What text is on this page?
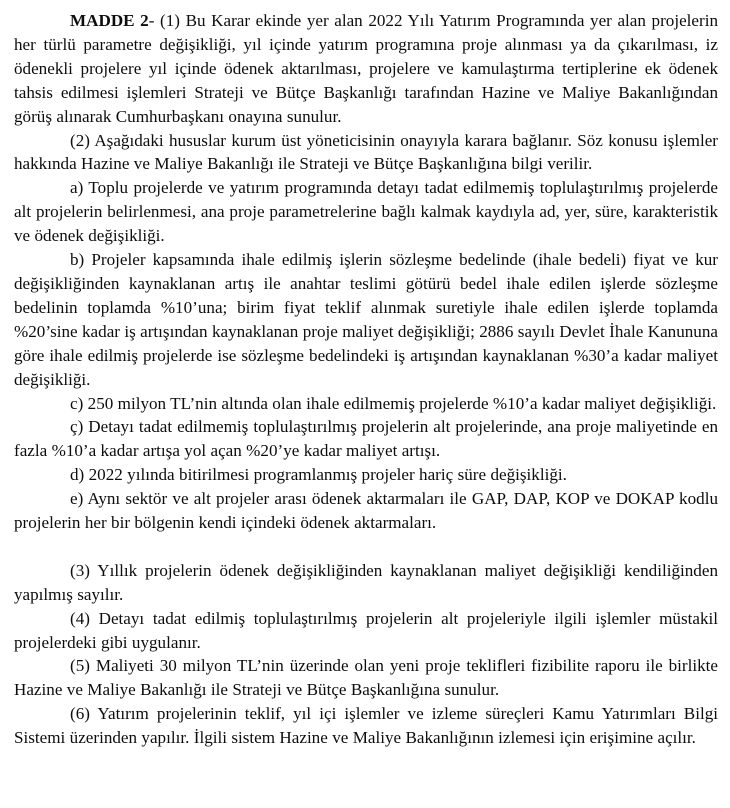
MADDE 2- (1) Bu Karar ekinde yer alan 2022 Yılı Yatırım Programında yer alan projelerin her türlü parametre değişikliği, yıl içinde yatırım programına proje alınması ya da çıkarılması, iz ödenekli projelere yıl içinde ödenek aktarılması, projelere ve kamulaştırma tertiplerine ek ödenek tahsis edilmesi işlemleri Strateji ve Bütçe Başkanlığı tarafından Hazine ve Maliye Bakanlığından görüş alınarak Cumhurbaşkanı onayına sunulur.

(2) Aşağıdaki hususlar kurum üst yöneticisinin onayıyla karara bağlanır. Söz konusu işlemler hakkında Hazine ve Maliye Bakanlığı ile Strateji ve Bütçe Başkanlığına bilgi verilir.

a) Toplu projelerde ve yatırım programında detayı tadat edilmemiş toplulaştırılmış projelerde alt projelerin belirlenmesi, ana proje parametrelerine bağlı kalmak kaydıyla ad, yer, süre, karakteristik ve ödenek değişikliği.

b) Projeler kapsamında ihale edilmiş işlerin sözleşme bedelinde (ihale bedeli) fiyat ve kur değişikliğinden kaynaklanan artış ile anahtar teslimi götürü bedel ihale edilen işlerde sözleşme bedelinin toplamda %10’una; birim fiyat teklif alınmak suretiyle ihale edilen işlerde toplamda %20’sine kadar iş artışından kaynaklanan proje maliyet değişikliği; 2886 sayılı Devlet İhale Kanununa göre ihale edilmiş projelerde ise sözleşme bedelindeki iş artışından kaynaklanan %30’a kadar maliyet değişikliği.

c) 250 milyon TL’nin altında olan ihale edilmemiş projelerde %10’a kadar maliyet değişikliği.

ç) Detayı tadat edilmemiş toplulaştırılmış projelerin alt projelerinde, ana proje maliyetinde en fazla %10’a kadar artışa yol açan %20’ye kadar maliyet artışı.

d) 2022 yılında bitirilmesi programlanmış projeler hariç süre değişikliği.

e) Aynı sektör ve alt projeler arası ödenek aktarmaları ile GAP, DAP, KOP ve DOKAP kodlu projelerin her bir bölgenin kendi içindeki ödenek aktarmaları.

(3) Yıllık projelerin ödenek değişikliğinden kaynaklanan maliyet değişikliği kendiliğinden yapılmış sayılır.

(4) Detayı tadat edilmiş toplulaştırılmış projelerin alt projeleriyle ilgili işlemler müstakil projelerdeki gibi uygulanır.

(5) Maliyeti 30 milyon TL’nin üzerinde olan yeni proje teklifleri fizibilite raporu ile birlikte Hazine ve Maliye Bakanlığı ile Strateji ve Bütçe Başkanlığına sunulur.

(6) Yatırım projelerinin teklif, yıl içi işlemler ve izleme süreçleri Kamu Yatırımları Bilgi Sistemi üzerinden yapılır. İlgili sistem Hazine ve Maliye Bakanlığının izlemesi için erişimine açılır.
